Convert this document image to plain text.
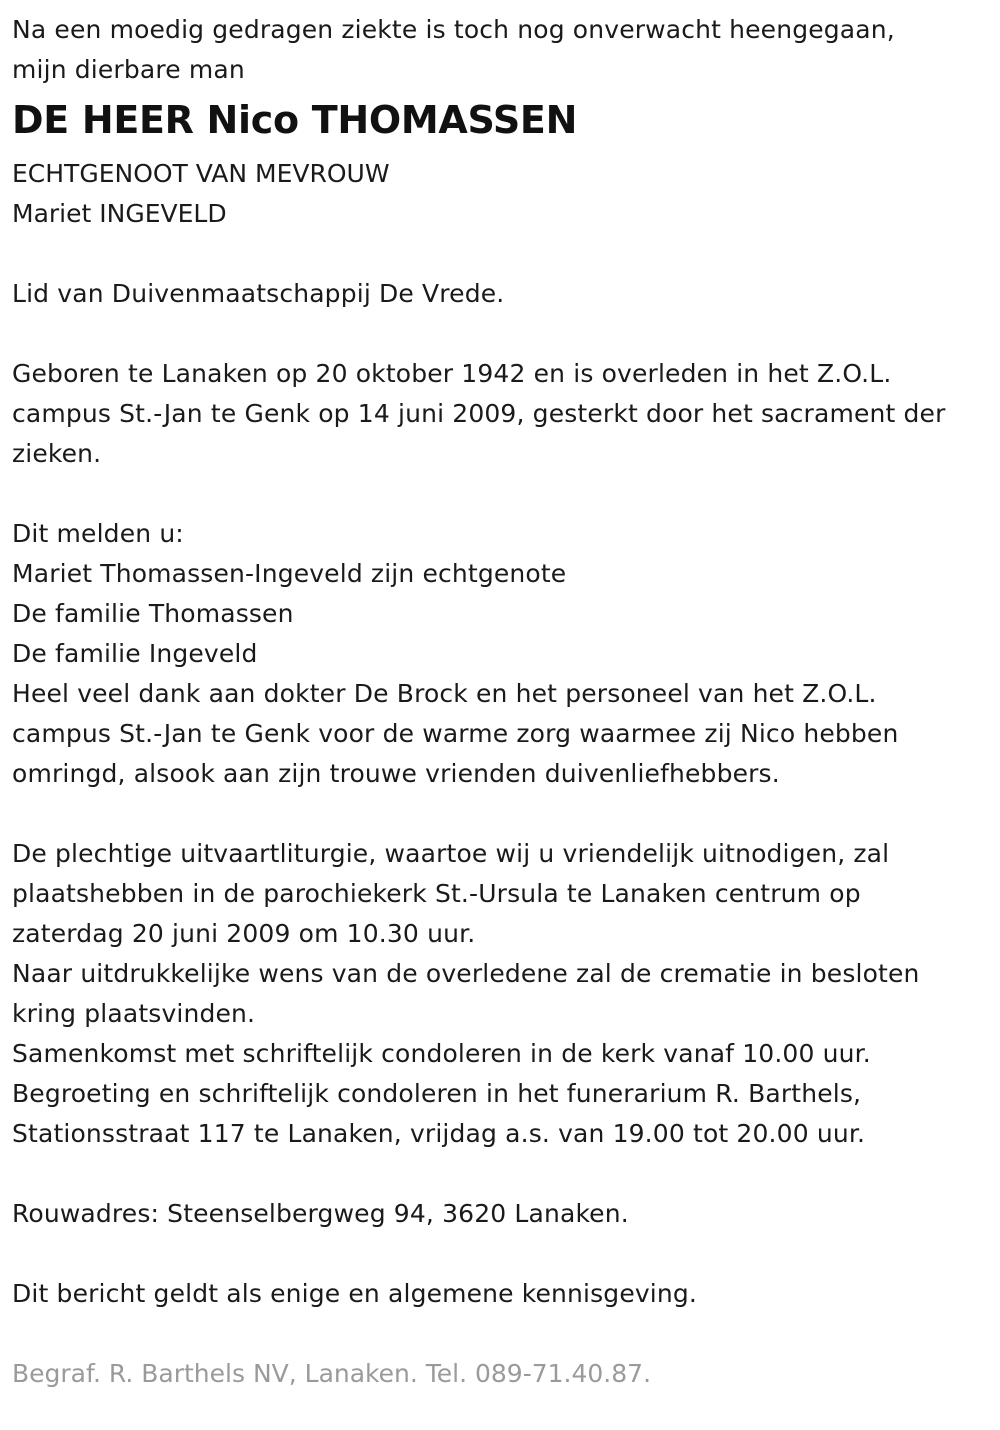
Na een moedig gedragen ziekte is toch nog onverwacht heengegaan,
mijn dierbare man
DE HEER Nico THOMASSEN
ECHTGENOOT VAN MEVROUW
Mariet INGEVELD
Lid van Duivenmaatschappij De Vrede.
Geboren te Lanaken op 20 oktober 1942 en is overleden in het Z.O.L.
campus St.-Jan te Genk op 14 juni 2009, gesterkt door het sacrament der
zieken.
Dit melden u:
Mariet Thomassen-Ingeveld zijn echtgenote
De familie Thomassen
De familie Ingeveld
Heel veel dank aan dokter De Brock en het personeel van het Z.O.L.
campus St.-Jan te Genk voor de warme zorg waarmee zij Nico hebben
omringd, alsook aan zijn trouwe vrienden duivenliefhebbers.
De plechtige uitvaartliturgie, waartoe wij u vriendelijk uitnodigen, zal
plaatshebben in de parochiekerk St.-Ursula te Lanaken centrum op
zaterdag 20 juni 2009 om 10.30 uur.
Naar uitdrukkelijke wens van de overledene zal de crematie in besloten
kring plaatsvinden.
Samenkomst met schriftelijk condoleren in de kerk vanaf 10.00 uur.
Begroeting en schriftelijk condoleren in het funerarium R. Barthels,
Stationsstraat 117 te Lanaken, vrijdag a.s. van 19.00 tot 20.00 uur.
Rouwadres: Steenselbergweg 94, 3620 Lanaken.
Dit bericht geldt als enige en algemene kennisgeving.
Begraf. R. Barthels NV, Lanaken. Tel. 089-71.40.87.
